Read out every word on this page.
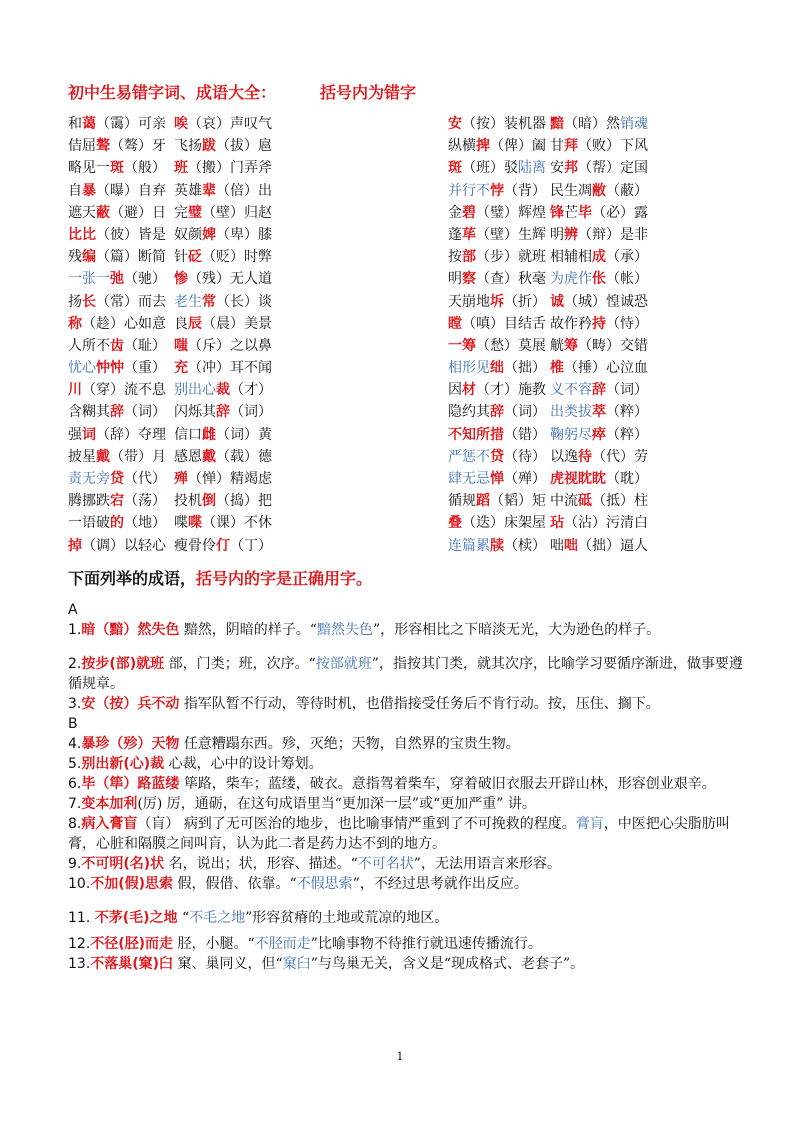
初中生易错字词、成语大全：	括号内为错字
和蔼（霭）可亲 唉（哀）声叹气
佶屈聱（骜）牙 飞扬跋（拔）扈
略见一斑（般） 班（搬）门弄斧
自暴（曝）自弃 英雄辈（倍）出
遮天蔽（避）日 完璧（壁）归赵
比比（彼）皆是 奴颜婢（卑）膝
残编（篇）断简 针砭（贬）时弊
一张一弛（驰） 惨（残）无人道
扬长（常）而去 老生常（长）谈
称（趁）心如意 良辰（晨）美景
人所不齿（耻） 嗤（斥）之以鼻
忧心忡忡（重） 充（冲）耳不闻
川（穿）流不息 别出心裁（才）
含糊其辞（词） 闪烁其辞（词）
强词（辞）夺理 信口雌（词）黄
披星戴（带）月 感恩戴（载）德
责无旁贷（代） 殚（惮）精竭虑
腾挪跌宕（荡） 投机倒（捣）把
一语破的（地） 喋喋（课）不休
掉（调）以轻心 瘦骨伶仃（丁）
安（按）装机器 黯（暗）然销魂
纵横捭（俾）阖 甘拜（败）下风
斑（班）驳陆离 安邦（帮）定国
并行不悖（背） 民生凋敝（蔽）
金碧（璧）辉煌 锋芒毕（必）露
蓬荜（壁）生辉 明辨（辩）是非
按部（步）就班 相辅相成（承）
明察（查）秋毫 为虎作伥（帐）
天崩地坼（折） 诚（城）惶诚恐
瞠（嗔）目结舌 故作矜持（恃）
一筹（愁）莫展 觥筹（畴）交错
相形见绌（拙） 椎（捶）心泣血
因材（才）施教 义不容辞（词）
隐约其辞（词） 出类拔萃（粹）
不知所措（错） 鞠躬尽瘁（粹）
严惩不贷（待） 以逸待（代）劳
肆无忌惮（殚） 虎视眈眈（耽）
循规蹈（韬）矩 中流砥（抵）柱
叠（迭）床架屋 玷（沾）污清白
连篇累牍（椟） 咄咄（拙）逼人
下面列举的成语，括号内的字是正确用字。
A
1.暗（黯）然失色 黯然，阴暗的样子。“黯然失色”，形容相比之下暗淡无光，大为逊色的样子。
2.按步(部)就班 部，门类；班，次序。“按部就班”，指按其门类，就其次序，比喻学习要循序渐进，做事要遵循规章。
3.安（按）兵不动 指军队暂不行动，等待时机，也借指接受任务后不肯行动。按，压住、搁下。
B
4.暴珍（殄）天物 任意糟蹋东西。殄，灭绝；天物，自然界的宝贵生物。
5.别出新(心)裁 心裁，心中的设计筹划。
6.毕（筚）路蓝缕 筚路，柴车；蓝缕，破衣。意指驾着柴车，穿着破旧衣服去开辟山林，形容创业艰辛。
7.变本加利(厉) 厉，通砺，在这句成语里当“更加深一层”或“更加严重” 讲。
8.病入膏盲（肓） 病到了无可医治的地步，也比喻事情严重到了不可挽救的程度。膏肓，中医把心尖脂肪叫膏，心脏和隔膜之间叫肓，认为此二者是药力达不到的地方。
9.不可明(名)状 名，说出；状，形容、描述。“不可名状”，无法用语言来形容。
10.不加(假)思索 假，假借、依靠。“不假思索”，不经过思考就作出反应。
11. 不茅(毛)之地 “不毛之地”形容贫瘠的土地或荒凉的地区。
12.不径(胫)而走 胫，小腿。“不胫而走”比喻事物不待推行就迅速传播流行。
13.不落巢(窠)臼 窠、巢同义，但“窠臼”与鸟巢无关，含义是“现成格式、老套子”。
1
